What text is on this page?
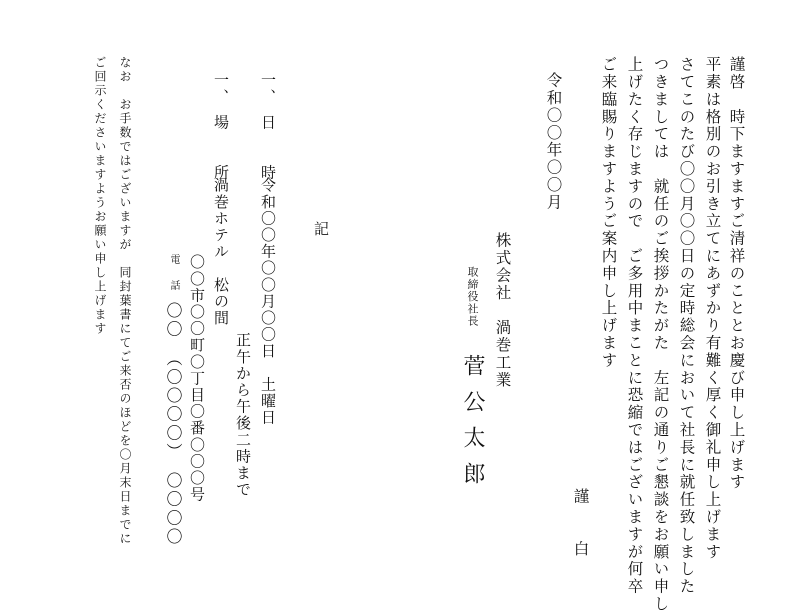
謹啓　時下ますますご清祥のこととお慶び申し上げます
平素は格別のお引き立てにあずかり有難く厚く御礼申し上げます
さてこのたび〇〇月〇〇日の定時総会において社長に就任致しました
つきましては　就任のご挨拶かたがた　左記の通りご懇談をお願い申し
上げたく存じますので　ご多用中まことに恐縮ではございますが何卒
ご来臨賜りますようご案内申し上げます
謹　　白
令和〇〇年〇〇月
株式会社　渦巻工業
取締役社長
菅公太郎
記
一、　日　　時
令和〇〇年〇〇月〇〇日　土曜日
正午から午後二時まで
一、　場　　所
渦巻ホテル　松の間
〇〇市〇〇町〇丁目〇番〇〇〇号
電　話
〇〇　（〇〇〇〇）　〇〇〇〇
なお　お手数ではございますが　同封葉書にてご来否のほどを〇月末日までに
ご回示くださいますようお願い申し上げます
